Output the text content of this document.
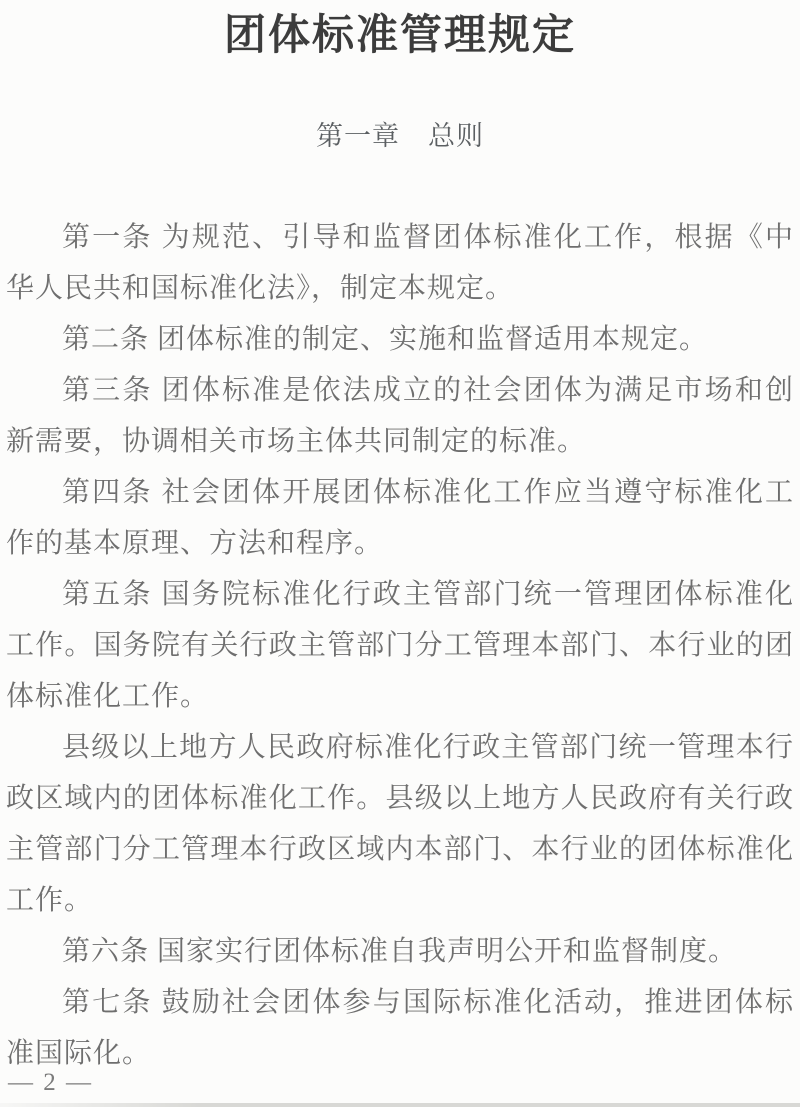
团体标准管理规定
第一章　总则

第一条 为规范、引导和监督团体标准化工作，根据《中华人民共和国标准化法》，制定本规定。

第二条 团体标准的制定、实施和监督适用本规定。

第三条 团体标准是依法成立的社会团体为满足市场和创新需要，协调相关市场主体共同制定的标准。

第四条 社会团体开展团体标准化工作应当遵守标准化工作的基本原理、方法和程序。

第五条 国务院标准化行政主管部门统一管理团体标准化工作。国务院有关行政主管部门分工管理本部门、本行业的团体标准化工作。

县级以上地方人民政府标准化行政主管部门统一管理本行政区域内的团体标准化工作。县级以上地方人民政府有关行政主管部门分工管理本行政区域内本部门、本行业的团体标准化工作。

第六条 国家实行团体标准自我声明公开和监督制度。

第七条 鼓励社会团体参与国际标准化活动，推进团体标准国际化。

— 2 —
